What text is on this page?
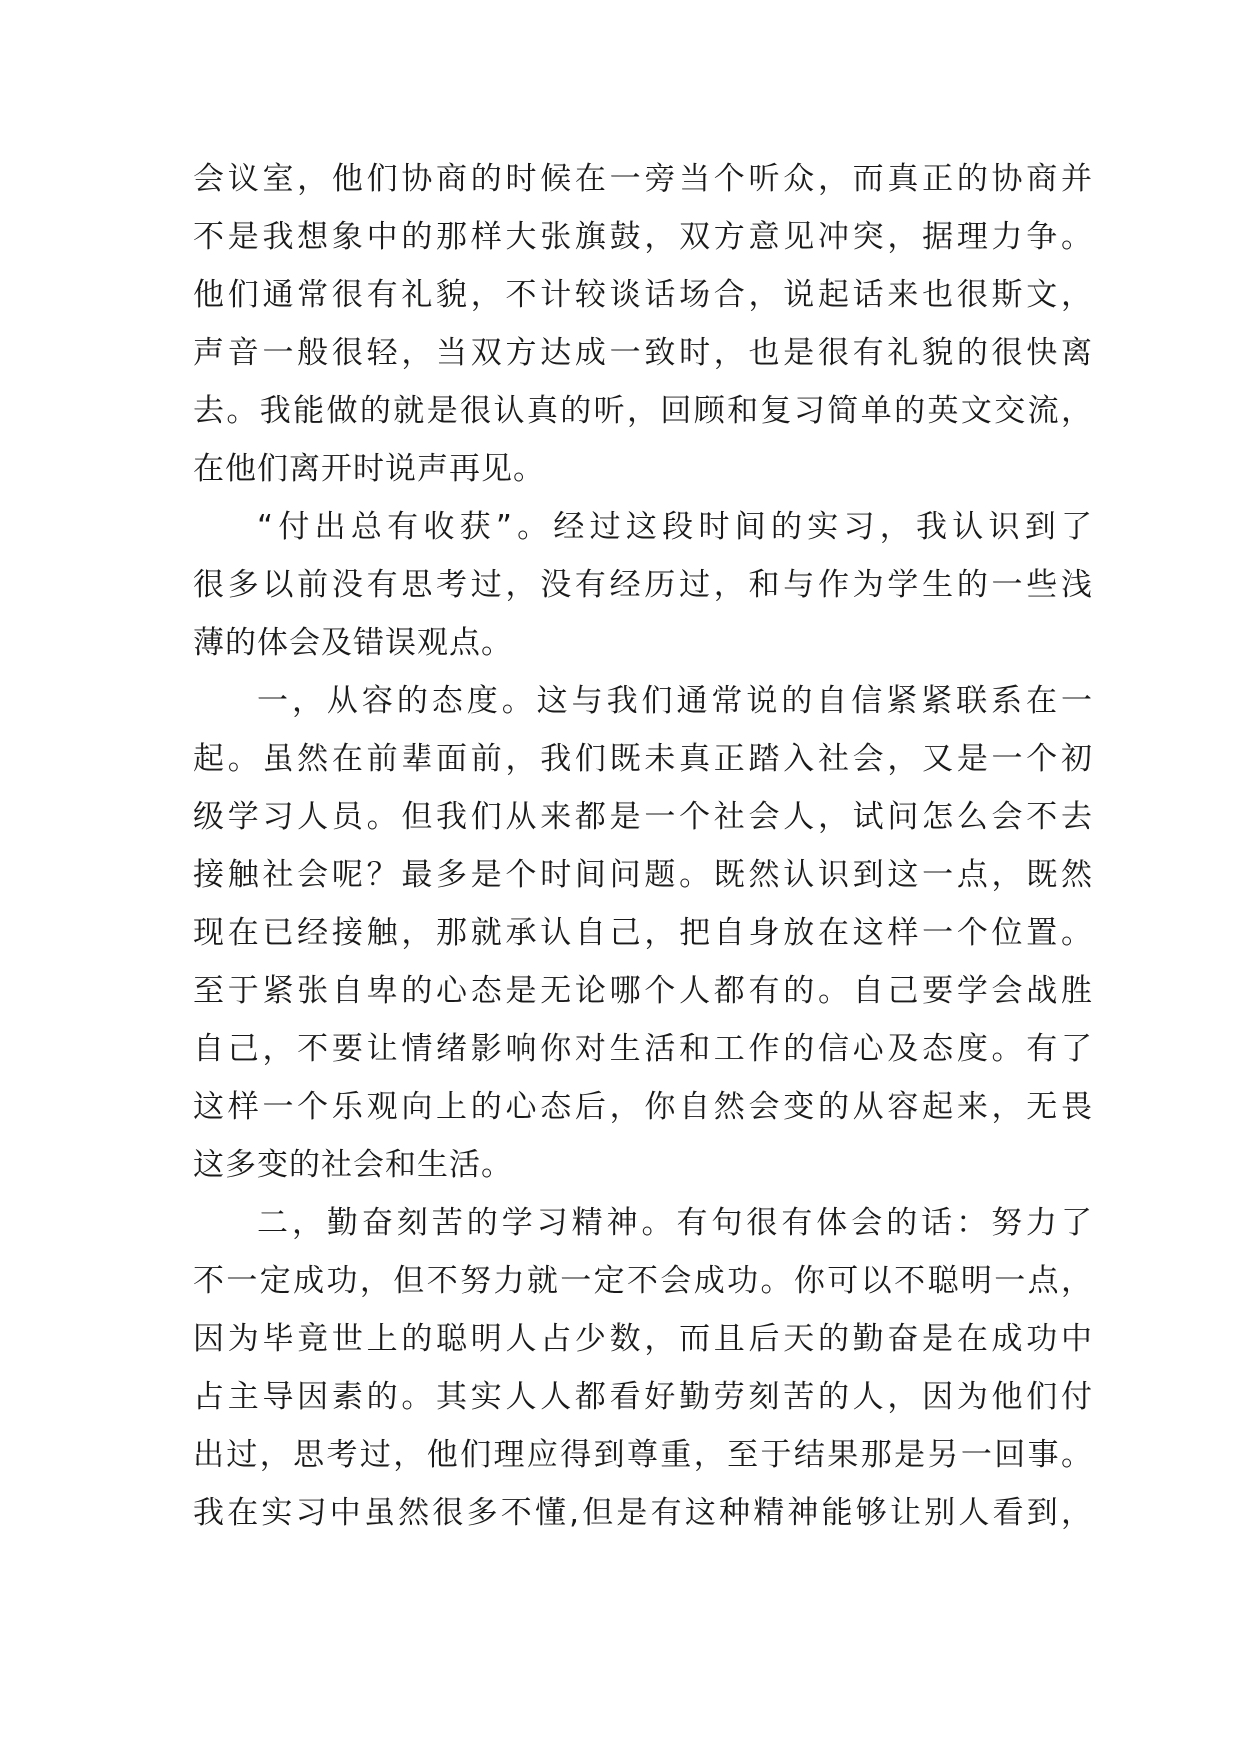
会议室，他们协商的时候在一旁当个听众，而真正的协商并
不是我想象中的那样大张旗鼓，双方意见冲突，据理力争。
他们通常很有礼貌，不计较谈话场合，说起话来也很斯文，
声音一般很轻，当双方达成一致时，也是很有礼貌的很快离
去。我能做的就是很认真的听，回顾和复习简单的英文交流，
在他们离开时说声再见。
“付出总有收获”。经过这段时间的实习，我认识到了
很多以前没有思考过，没有经历过，和与作为学生的一些浅
薄的体会及错误观点。
一，从容的态度。这与我们通常说的自信紧紧联系在一
起。虽然在前辈面前，我们既未真正踏入社会，又是一个初
级学习人员。但我们从来都是一个社会人，试问怎么会不去
接触社会呢？最多是个时间问题。既然认识到这一点，既然
现在已经接触，那就承认自己，把自身放在这样一个位置。
至于紧张自卑的心态是无论哪个人都有的。自己要学会战胜
自己，不要让情绪影响你对生活和工作的信心及态度。有了
这样一个乐观向上的心态后，你自然会变的从容起来，无畏
这多变的社会和生活。
二，勤奋刻苦的学习精神。有句很有体会的话：努力了
不一定成功，但不努力就一定不会成功。你可以不聪明一点，
因为毕竟世上的聪明人占少数，而且后天的勤奋是在成功中
占主导因素的。其实人人都看好勤劳刻苦的人，因为他们付
出过，思考过，他们理应得到尊重，至于结果那是另一回事。
我在实习中虽然很多不懂,但是有这种精神能够让别人看到，
